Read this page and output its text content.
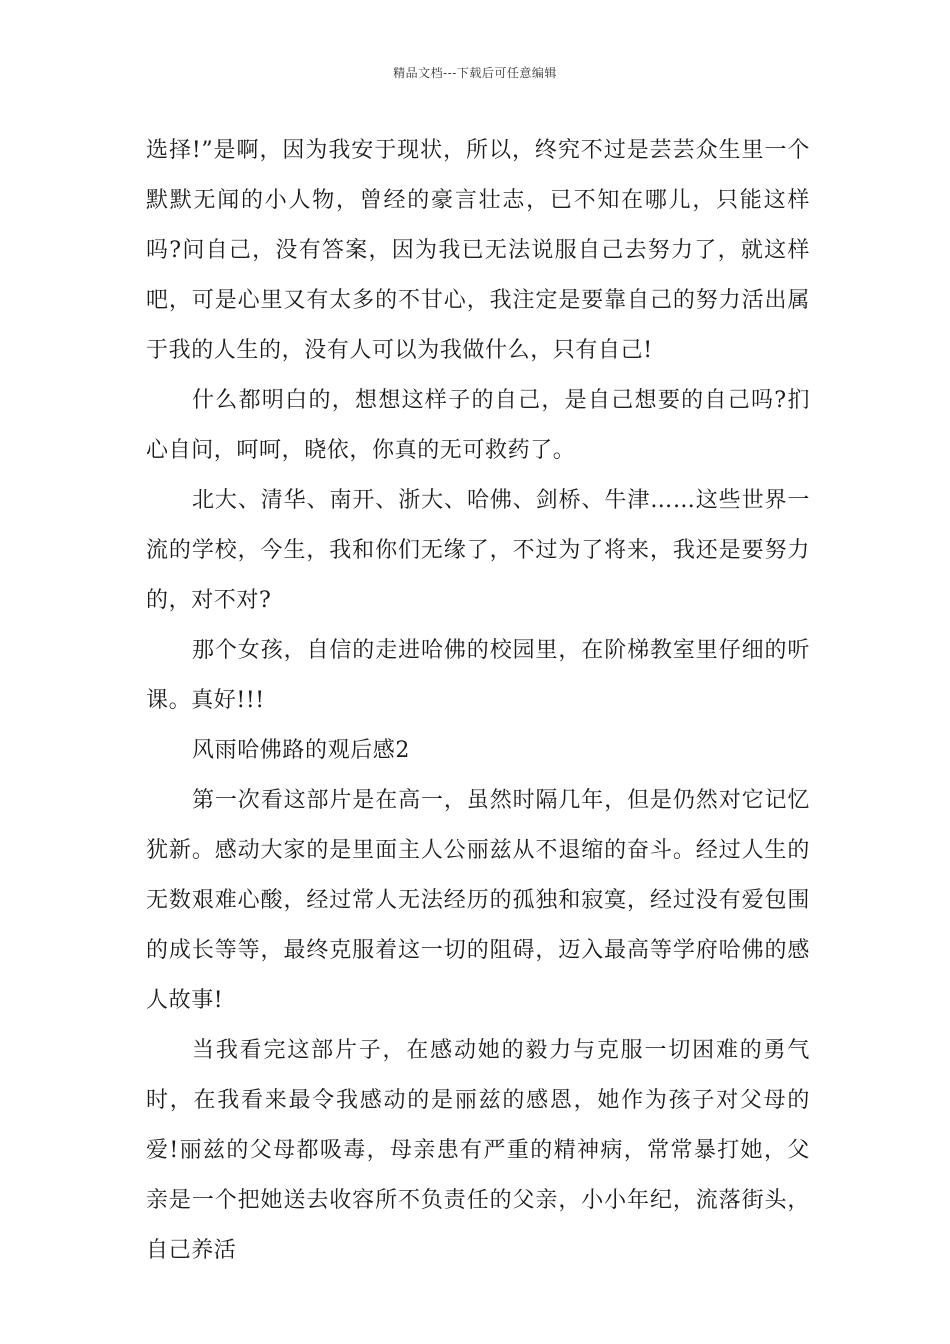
精品文档---下载后可任意编辑

选择!”是啊，因为我安于现状，所以，终究不过是芸芸众生里一个默默无闻的小人物，曾经的豪言壮志，已不知在哪儿，只能这样吗?问自己，没有答案，因为我已无法说服自己去努力了，就这样吧，可是心里又有太多的不甘心，我注定是要靠自己的努力活出属于我的人生的，没有人可以为我做什么，只有自己!

什么都明白的，想想这样子的自己，是自己想要的自己吗?扪心自问，呵呵，晓依，你真的无可救药了。

北大、清华、南开、浙大、哈佛、剑桥、牛津……这些世界一流的学校，今生，我和你们无缘了，不过为了将来，我还是要努力的，对不对?

那个女孩，自信的走进哈佛的校园里，在阶梯教室里仔细的听课。真好!!!

风雨哈佛路的观后感2

第一次看这部片是在高一，虽然时隔几年，但是仍然对它记忆犹新。感动大家的是里面主人公丽兹从不退缩的奋斗。经过人生的无数艰难心酸，经过常人无法经历的孤独和寂寞，经过没有爱包围的成长等等，最终克服着这一切的阻碍，迈入最高等学府哈佛的感人故事!

当我看完这部片子，在感动她的毅力与克服一切困难的勇气时，在我看来最令我感动的是丽兹的感恩，她作为孩子对父母的爱!丽兹的父母都吸毒，母亲患有严重的精神病，常常暴打她，父亲是一个把她送去收容所不负责任的父亲，小小年纪，流落街头，自己养活
